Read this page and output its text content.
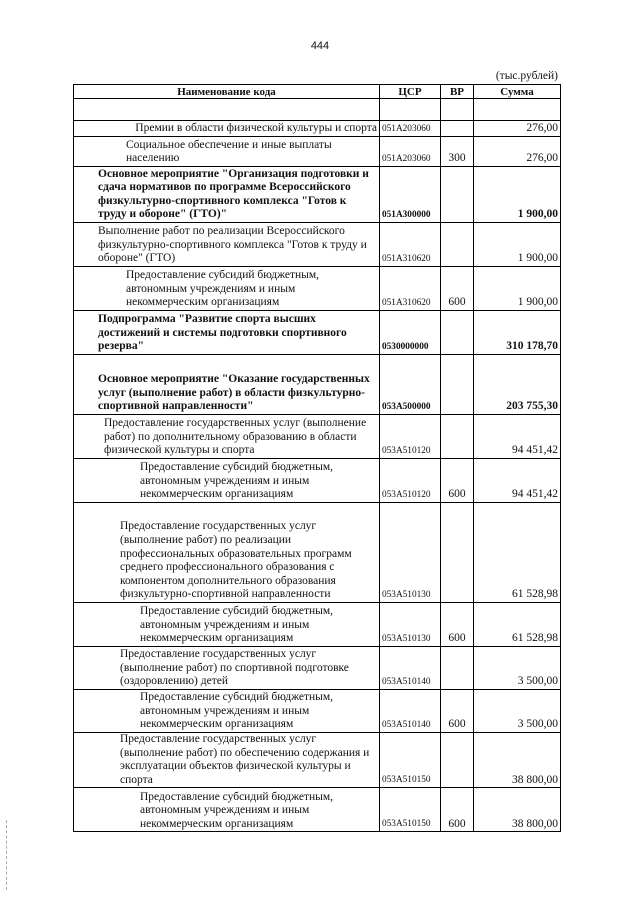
444
(тыс.рублей)
Наименование кода	ЦСР	ВР	Сумма

Премии в области физической культуры и спорта	051A203060		276,00
Социальное обеспечение и иные выплаты населению	051A203060	300	276,00
Основное мероприятие "Организация подготовки и сдача нормативов по программе Всероссийского физкультурно-спортивного комплекса "Готов к труду и обороне" (ГТО)"	051A300000		1 900,00
Выполнение работ по реализации Всероссийского физкультурно-спортивного комплекса "Готов к труду и обороне" (ГТО)	051A310620		1 900,00
Предоставление субсидий бюджетным, автономным учреждениям и иным некоммерческим организациям	051A310620	600	1 900,00
Подпрограмма "Развитие спорта высших достижений и системы подготовки спортивного резерва"	0530000000		310 178,70
Основное мероприятие "Оказание государственных услуг (выполнение работ) в области физкультурно-спортивной направленности"	053A500000		203 755,30
Предоставление государственных услуг (выполнение работ) по дополнительному образованию в области физической культуры и спорта	053A510120		94 451,42
Предоставление субсидий бюджетным, автономным учреждениям и иным некоммерческим организациям	053A510120	600	94 451,42
Предоставление государственных услуг (выполнение работ) по реализации профессиональных образовательных программ среднего профессионального образования с компонентом дополнительного образования физкультурно-спортивной направленности	053A510130		61 528,98
Предоставление субсидий бюджетным, автономным учреждениям и иным некоммерческим организациям	053A510130	600	61 528,98
Предоставление государственных услуг (выполнение работ) по спортивной подготовке (оздоровлению) детей	053A510140		3 500,00
Предоставление субсидий бюджетным, автономным учреждениям и иным некоммерческим организациям	053A510140	600	3 500,00
Предоставление государственных услуг (выполнение работ) по обеспечению содержания и эксплуатации объектов физической культуры и спорта	053A510150		38 800,00
Предоставление субсидий бюджетным, автономным учреждениям и иным некоммерческим организациям	053A510150	600	38 800,00
